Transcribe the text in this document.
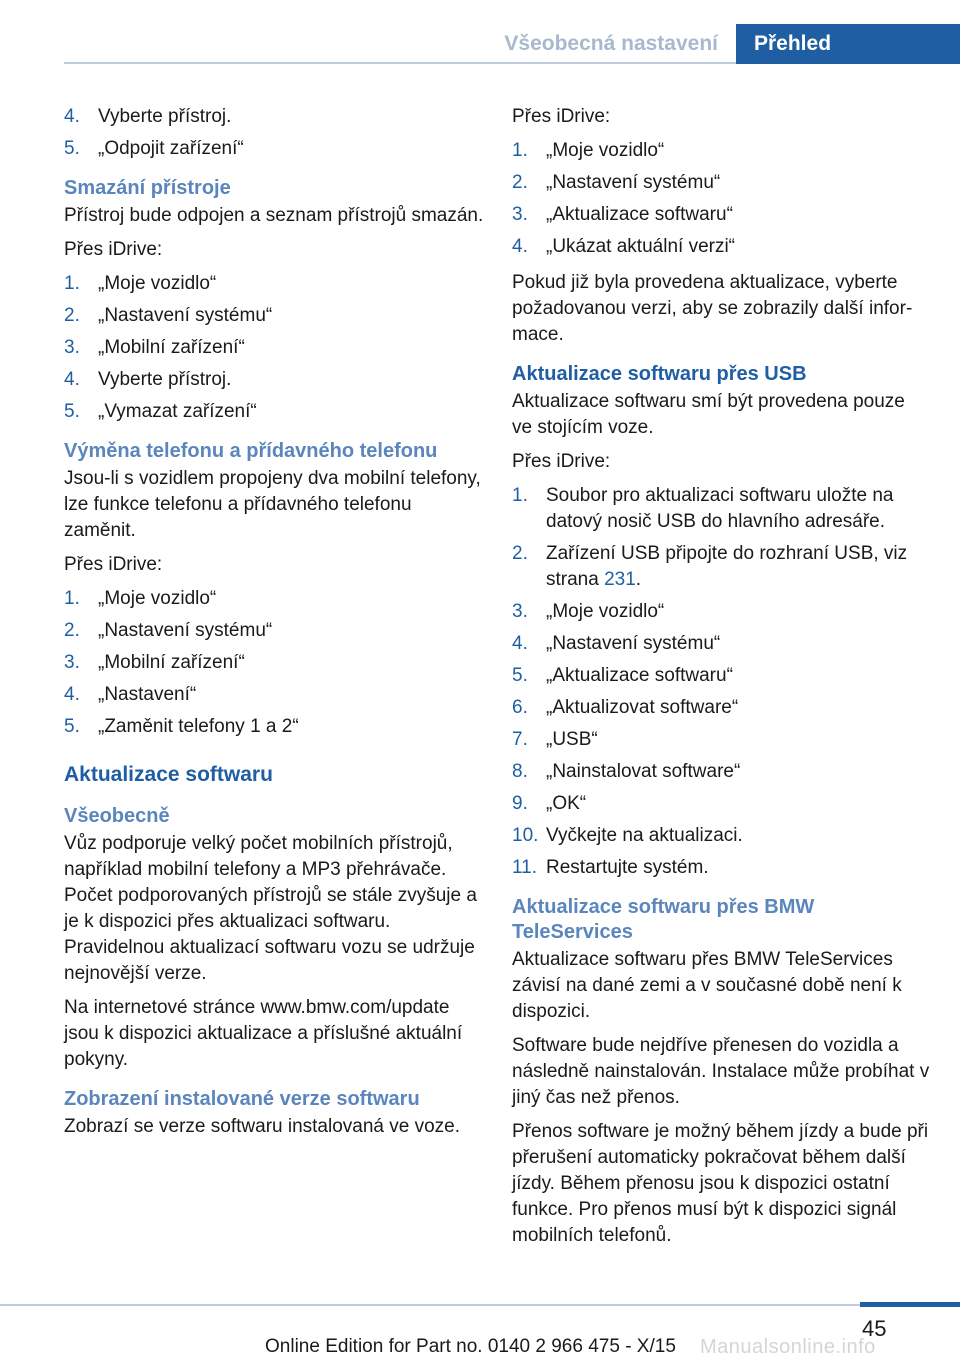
Všeobecná nastavení	Přehled
4. Vyberte přístroj.
5. „Odpojit zařízení“
Smazání přístroje

Přístroj bude odpojen a seznam přístrojů smazán.

Přes iDrive:

1. „Moje vozidlo“
2. „Nastavení systému“
3. „Mobilní zařízení“
4. Vyberte přístroj.
5. „Vymazat zařízení“
Výměna telefonu a přídavného telefonu

Jsou-li s vozidlem propojeny dva mobilní telefony, lze funkce telefonu a přídavného telefonu zaměnit.

Přes iDrive:

1. „Moje vozidlo“
2. „Nastavení systému“
3. „Mobilní zařízení“
4. „Nastavení“
5. „Zaměnit telefony 1 a 2“
Aktualizace softwaru
Všeobecně

Vůz podporuje velký počet mobilních přístrojů, například mobilní telefony a MP3 přehrávače. Počet podporovaných přístrojů se stále zvyšuje a je k dispozici přes aktualizaci softwaru. Pravidelnou aktualizací softwaru vozu se udržuje nejnovější verze.

Na internetové stránce www.bmw.com/update jsou k dispozici aktualizace a příslušné aktuální pokyny.

Zobrazení instalované verze softwaru

Zobrazí se verze softwaru instalovaná ve voze.

Přes iDrive:

1. „Moje vozidlo“
2. „Nastavení systému“
3. „Aktualizace softwaru“
4. „Ukázat aktuální verzi“

Pokud již byla provedena aktualizace, vyberte požadovanou verzi, aby se zobrazily další informace.

Aktualizace softwaru přes USB

Aktualizace softwaru smí být provedena pouze ve stojícím voze.

Přes iDrive:

1. Soubor pro aktualizaci softwaru uložte na datový nosič USB do hlavního adresáře.
2. Zařízení USB připojte do rozhraní USB, viz strana 231.
3. „Moje vozidlo“
4. „Nastavení systému“
5. „Aktualizace softwaru“
6. „Aktualizovat software“
7. „USB“
8. „Nainstalovat software“
9. „OK“
10. Vyčkejte na aktualizaci.
11. Restartujte systém.
Aktualizace softwaru přes BMW TeleServices

Aktualizace softwaru přes BMW TeleServices závisí na dané zemi a v současné době není k dispozici.

Software bude nejdříve přenesen do vozidla a následně nainstalován. Instalace může probíhat v jiný čas než přenos.

Přenos software je možný během jízdy a bude při přerušení automaticky pokračovat během další jízdy. Během přenosu jsou k dispozici ostatní funkce. Pro přenos musí být k dispozici signál mobilních telefonů.

45
Online Edition for Part no. 0140 2 966 475 - X/15 Manualsonline.info
